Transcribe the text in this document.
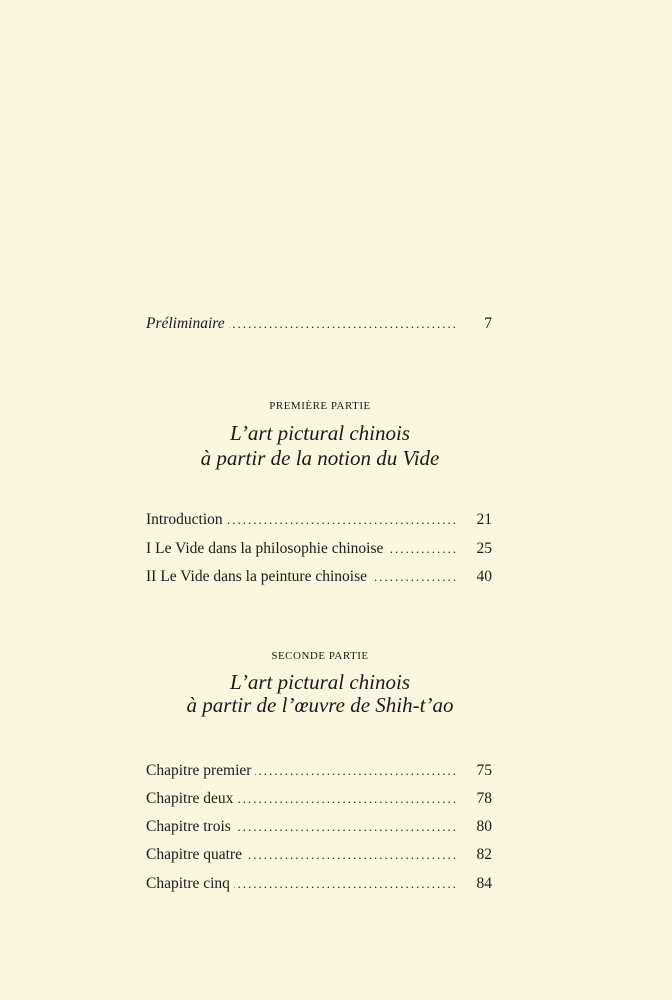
Préliminaire .....	7
PREMIÈRE PARTIE
L’art pictural chinois
à partir de la notion du Vide
Introduction .....	21
I Le Vide dans la philosophie chinoise .....	25
II Le Vide dans la peinture chinoise .....	40
SECONDE PARTIE
L’art pictural chinois
à partir de l’œuvre de Shih-t’ao
Chapitre premier .....	75
Chapitre deux .....	78
Chapitre trois .....	80
Chapitre quatre .....	82
Chapitre cinq .....	84
